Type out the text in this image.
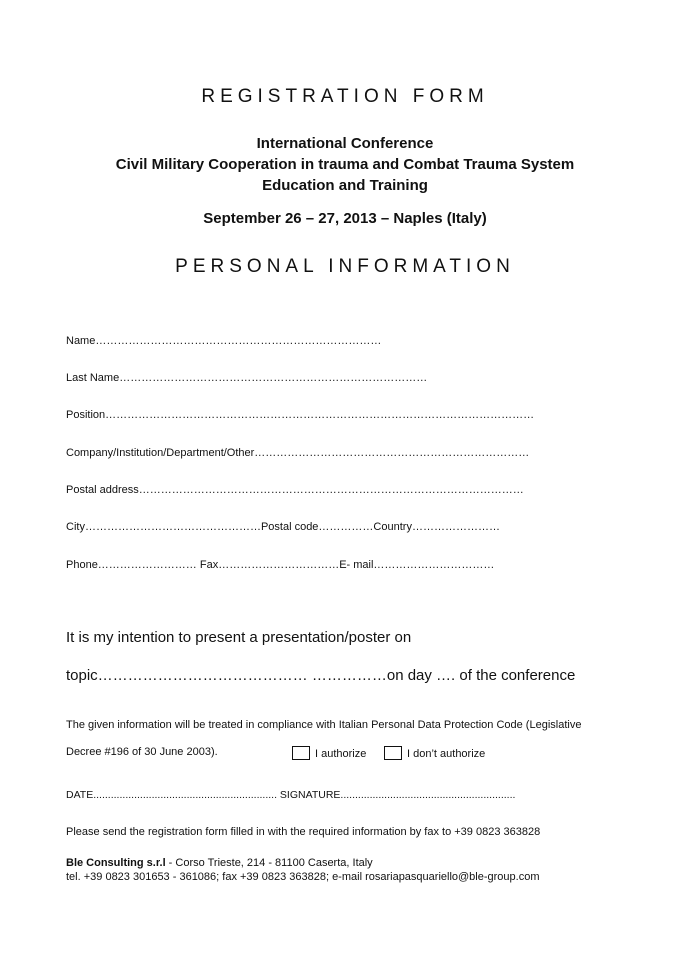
REGISTRATION FORM
International Conference
Civil Military Cooperation in trauma and Combat Trauma System
Education and Training
September 26 – 27, 2013 – Naples (Italy)
PERSONAL INFORMATION
Name……………………………………………………………………
Last Name…………………………………………………………………………
Position………………………………………………………………………………………………………
Company/Institution/Department/Other…………………………………………………………………
Postal address……………………………………………………………………………………………
City…………………………………………Postal code……………Country……………………
Phone……………………… Fax……………………………E- mail……………………………
It is my intention to present a presentation/poster on
topic…………………………………… ……………on day …. of the conference
The given information will be treated in compliance with Italian Personal Data Protection Code (Legislative
Decree #196 of 30 June 2003).	I authorize	I don’t authorize
DATE............................................................... SIGNATURE............................................................
Please send the registration form filled in with the required information by fax to +39 0823 363828
Ble Consulting s.r.l - Corso Trieste, 214 - 81100 Caserta, Italy
tel. +39 0823 301653 - 361086; fax +39 0823 363828; e-mail rosariapasquariello@ble-group.com
